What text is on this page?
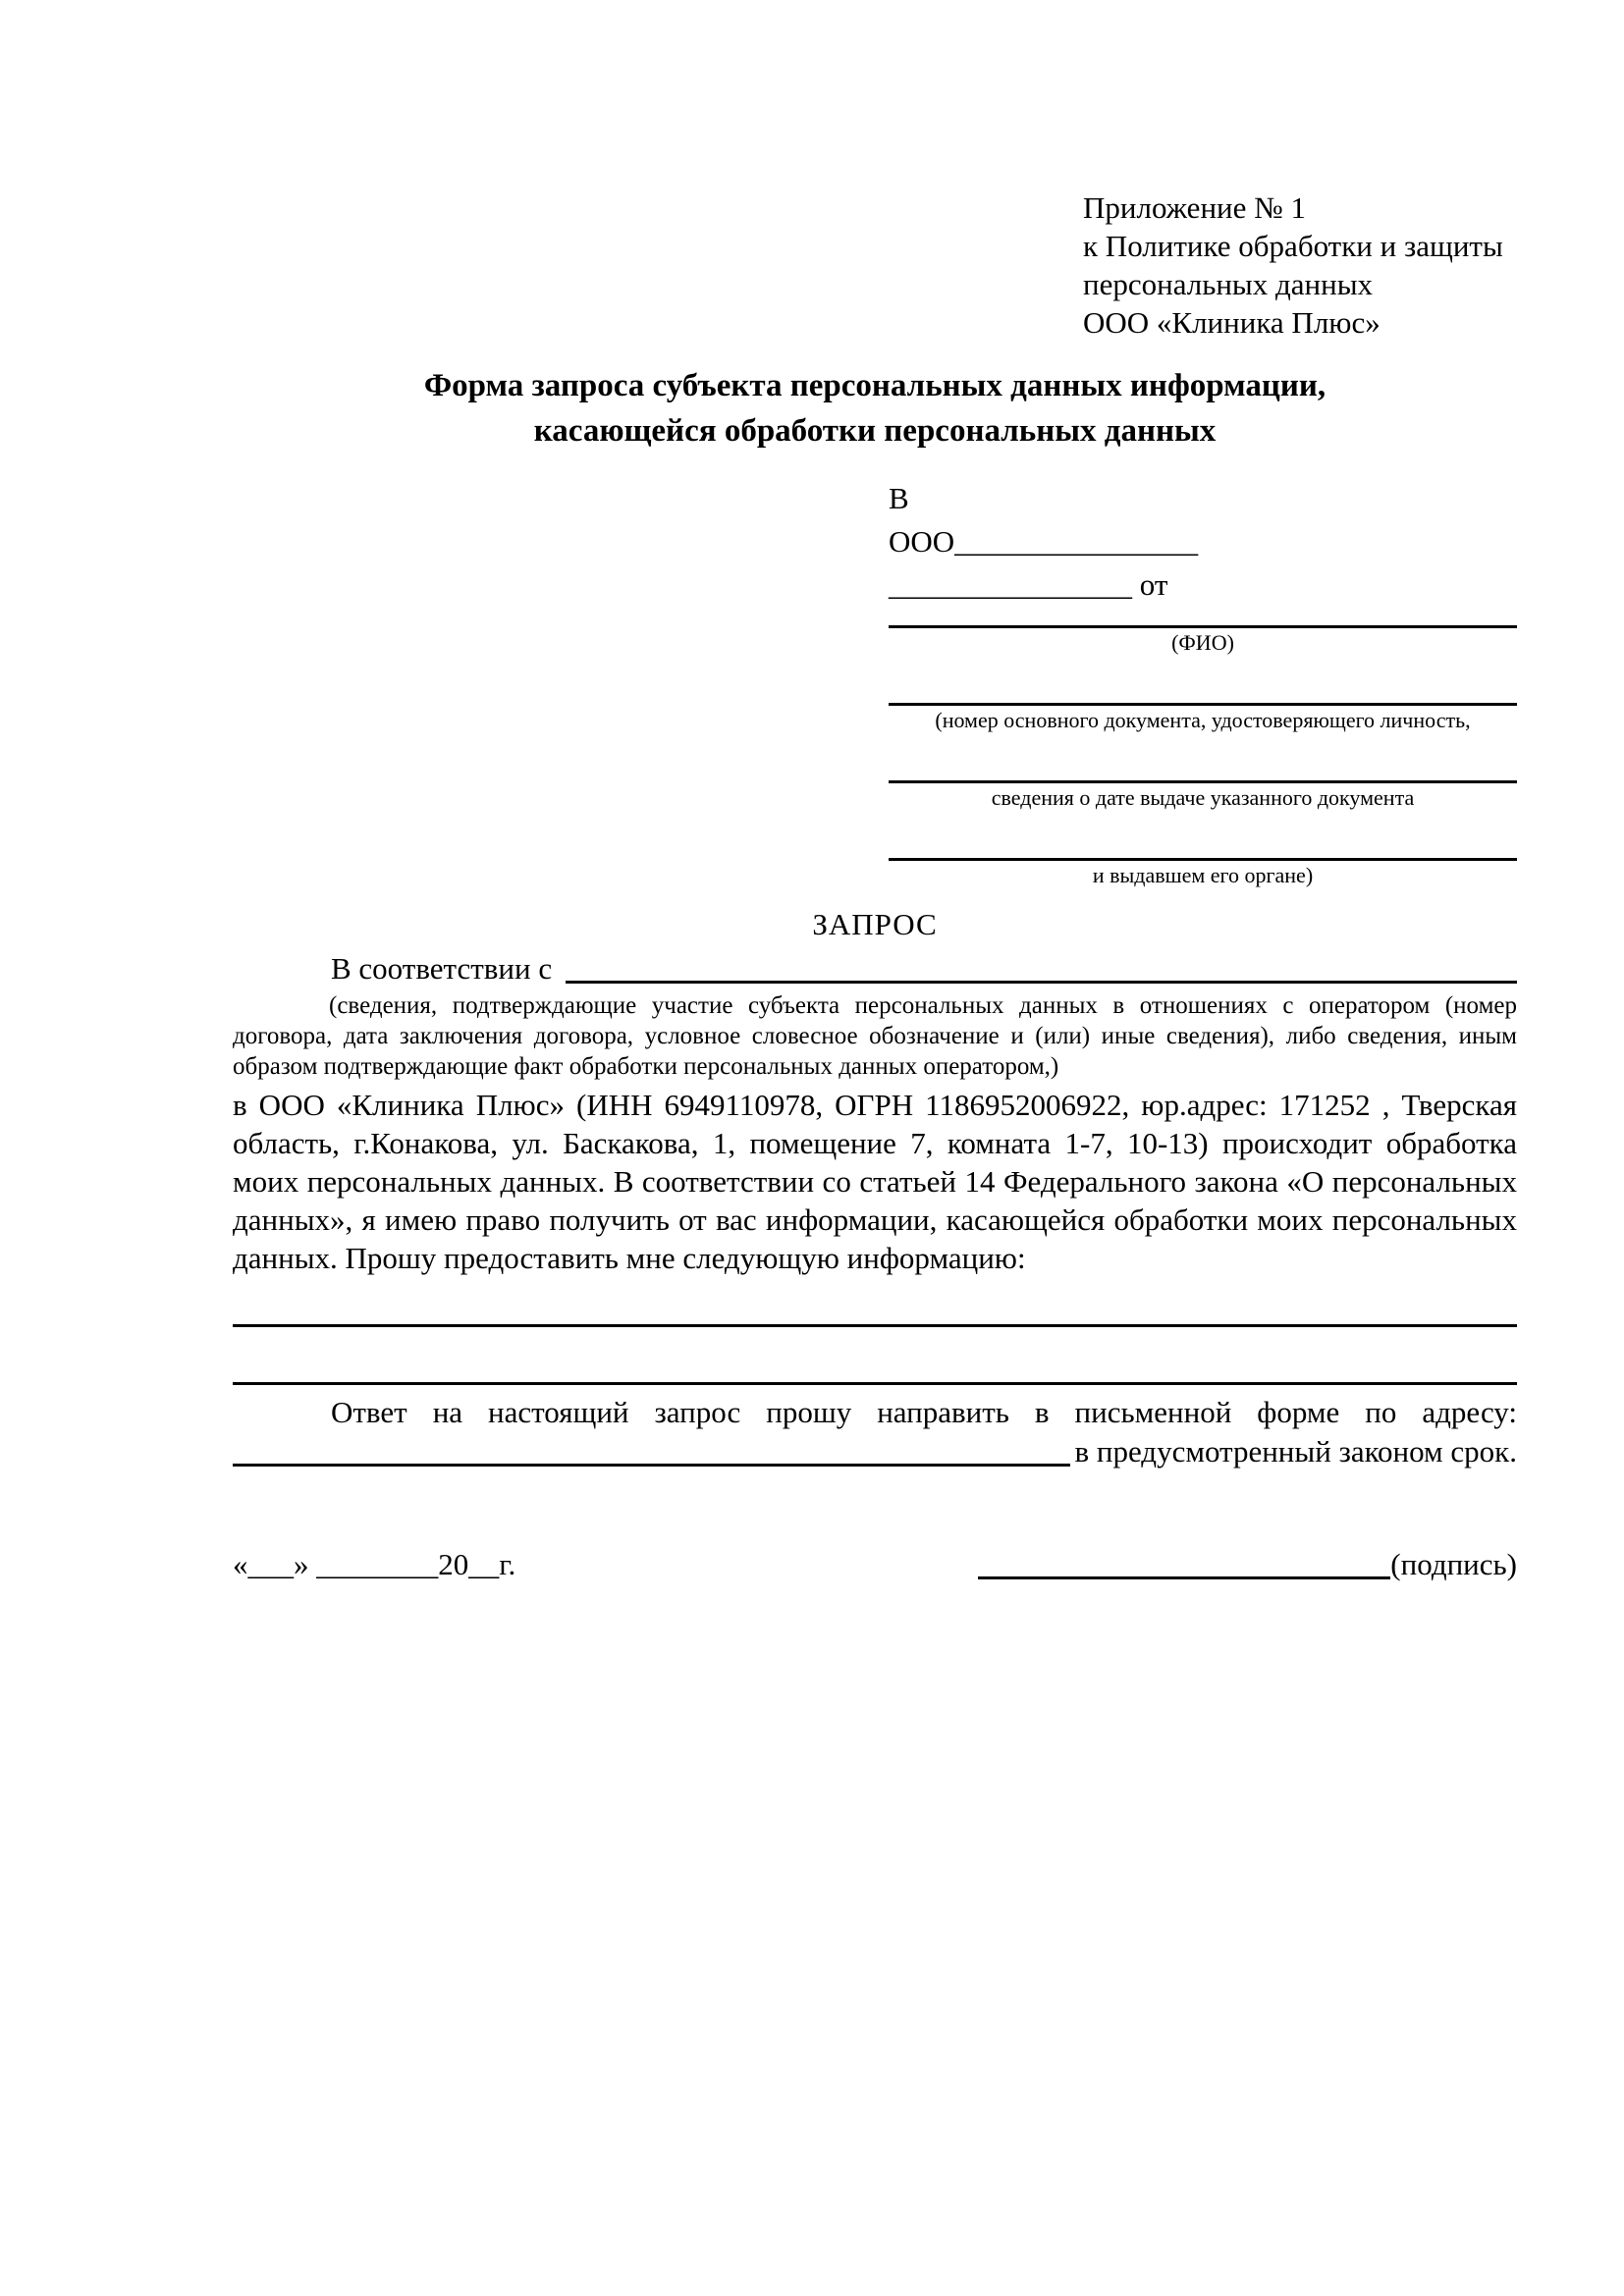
Приложение № 1
к Политике обработки и защиты
персональных данных
ООО «Клиника Плюс»
Форма запроса субъекта персональных данных информации,
касающейся обработки персональных данных
В
ООО________________
________________ от
(ФИО)
(номер основного документа, удостоверяющего личность,
сведения о дате выдаче указанного документа
и выдавшем его органе)
ЗАПРОС
В соответствии с
(сведения, подтверждающие участие субъекта персональных данных в отношениях с оператором (номер договора, дата заключения договора, условное словесное обозначение и (или) иные сведения), либо сведения, иным образом подтверждающие факт обработки персональных данных оператором,)

в ООО «Клиника Плюс» (ИНН 6949110978, ОГРН 1186952006922, юр.адрес: 171252 , Тверская область, г.Конакова, ул. Баскакова, 1, помещение 7, комната 1-7, 10-13) происходит обработка моих персональных данных. В соответствии со статьей 14 Федерального закона «О персональных данных», я имею право получить от вас информации, касающейся обработки моих персональных данных. Прошу предоставить мне следующую информацию:

Ответ на настоящий запрос прошу направить в письменной форме по адресу:

в предусмотренный законом срок.
«___» ________20__г.	(подпись)
